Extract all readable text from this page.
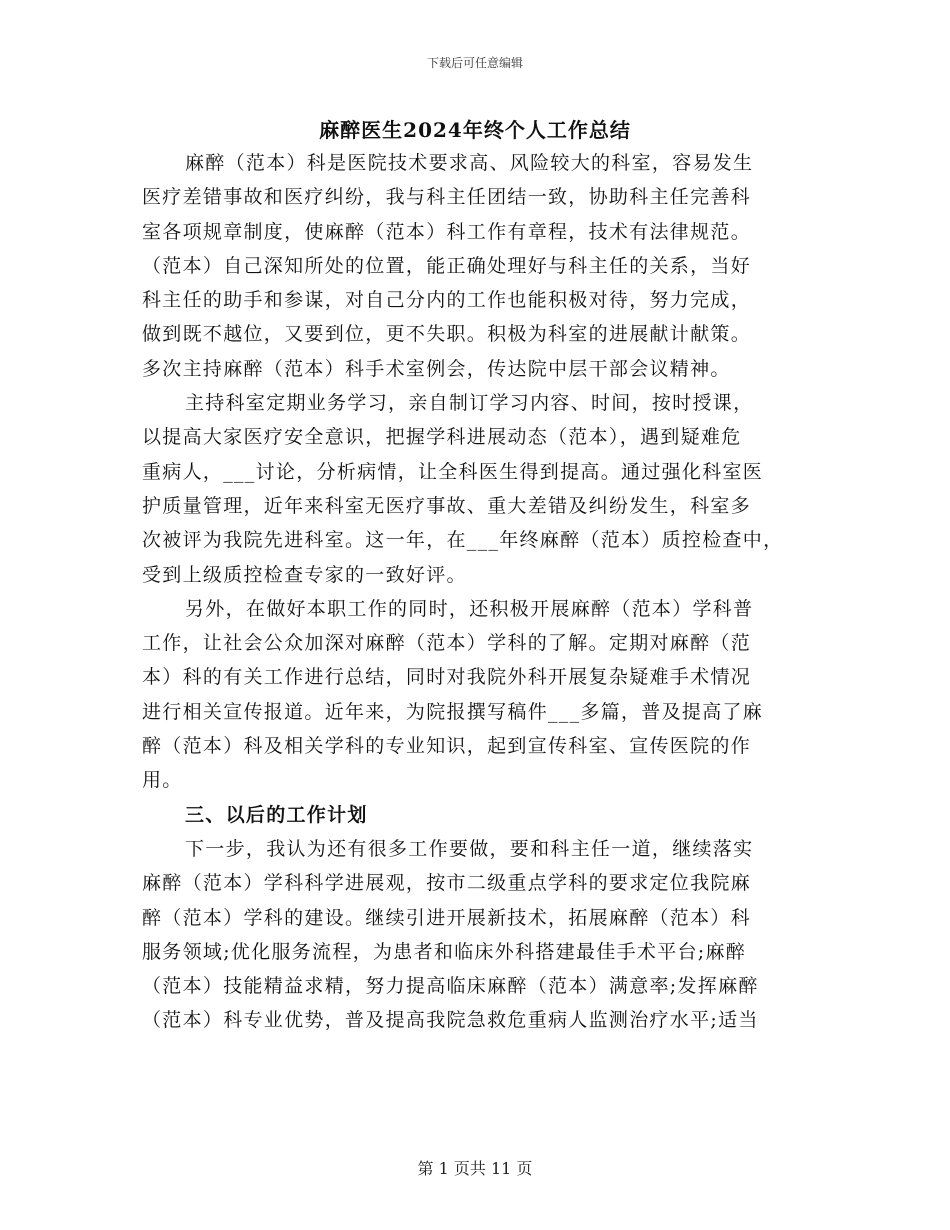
下载后可任意编辑
麻醉医生2024年终个人工作总结
麻醉（范本）科是医院技术要求高、风险较大的科室，容易发生
医疗差错事故和医疗纠纷，我与科主任团结一致，协助科主任完善科
室各项规章制度，使麻醉（范本）科工作有章程，技术有法律规范。
（范本）自己深知所处的位置，能正确处理好与科主任的关系，当好
科主任的助手和参谋，对自己分内的工作也能积极对待，努力完成，
做到既不越位，又要到位，更不失职。积极为科室的进展献计献策。
多次主持麻醉（范本）科手术室例会，传达院中层干部会议精神。
主持科室定期业务学习，亲自制订学习内容、时间，按时授课，
以提高大家医疗安全意识，把握学科进展动态（范本），遇到疑难危
重病人，___讨论，分析病情，让全科医生得到提高。通过强化科室医
护质量管理，近年来科室无医疗事故、重大差错及纠纷发生，科室多
次被评为我院先进科室。这一年，在___年终麻醉（范本）质控检查中，
受到上级质控检查专家的一致好评。
另外，在做好本职工作的同时，还积极开展麻醉（范本）学科普
工作，让社会公众加深对麻醉（范本）学科的了解。定期对麻醉（范
本）科的有关工作进行总结，同时对我院外科开展复杂疑难手术情况
进行相关宣传报道。近年来，为院报撰写稿件___多篇，普及提高了麻
醉（范本）科及相关学科的专业知识，起到宣传科室、宣传医院的作
用。
三、以后的工作计划
下一步，我认为还有很多工作要做，要和科主任一道，继续落实
麻醉（范本）学科科学进展观，按市二级重点学科的要求定位我院麻
醉（范本）学科的建设。继续引进开展新技术，拓展麻醉（范本）科
服务领域;优化服务流程，为患者和临床外科搭建最佳手术平台;麻醉
（范本）技能精益求精，努力提高临床麻醉（范本）满意率;发挥麻醉
（范本）科专业优势，普及提高我院急救危重病人监测治疗水平;适当
第 1 页共 11 页
